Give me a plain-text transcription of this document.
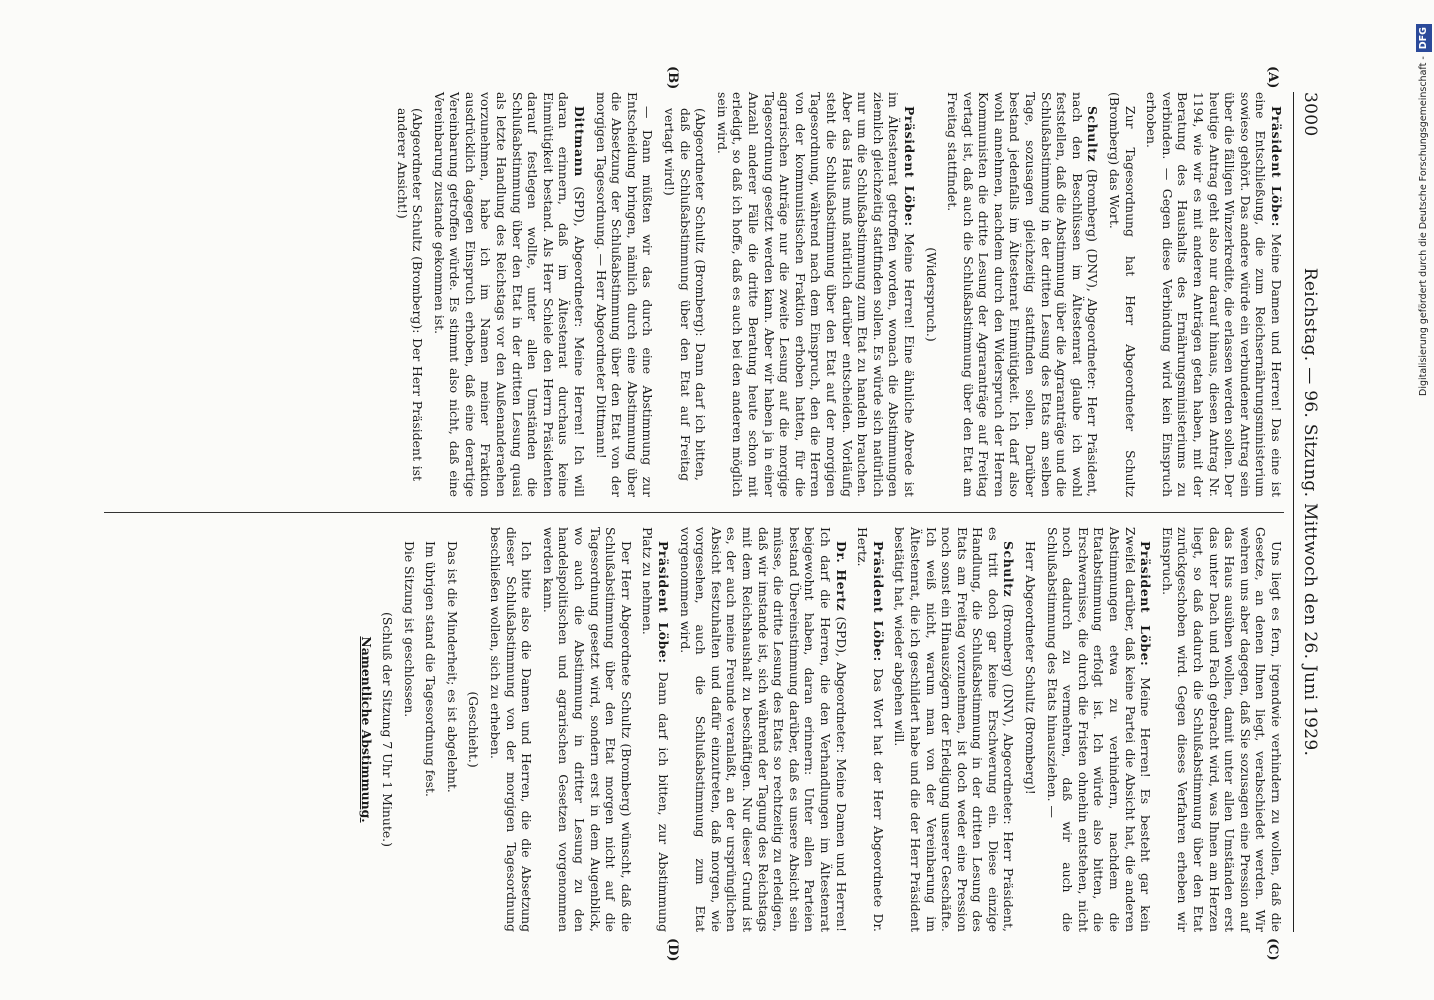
3000
Reichstag. — 96. Sitzung. Mittwoch den 26. Juni 1929.
(A)
(B)
(C)
(D)

Präsident Löbe: Meine Damen und Herren! Das eine ist eine Entschließung, die zum Reichsernährungsministerium sowieso gehört. Das andere würde ein verbundener Antrag sein über die fälligen Winzerkredite, die erlassen werden sollen. Der heutige Antrag geht also nur darauf hinaus, diesen Antrag Nr. 1194, wie wir es mit anderen Anträgen getan haben, mit der Beratung des Haushalts des Ernährungsministeriums zu verbinden. — Gegen diese Verbindung wird kein Einspruch erhoben.

Zur Tagesordnung hat Herr Abgeordneter Schultz (Bromberg) das Wort.

Schultz (Bromberg) (DNV), Abgeordneter: Herr Präsident, nach den Beschlüssen im Ältestenrat glaube ich wohl feststellen, daß die Abstimmung über die Agraranträge und die Schlußabstimmung in der dritten Lesung des Etats am selben Tage, sozusagen gleichzeitig stattfinden sollen. Darüber bestand jedenfalls im Ältestenrat Einmütigkeit. Ich darf also wohl annehmen, nachdem durch den Widerspruch der Herren Kommunisten die dritte Lesung der Agraranträge auf Freitag vertagt ist, daß auch die Schlußabstimmung über den Etat am Freitag stattfindet.

(Widerspruch.)

Präsident Löbe: Meine Herren! Eine ähnliche Abrede ist im Ältestenrat getroffen worden, wonach die Abstimmungen ziemlich gleichzeitig stattfinden sollen. Es würde sich natürlich nur um die Schlußabstimmung zum Etat zu handeln brauchen. Aber das Haus muß natürlich darüber entscheiden. Vorläufig steht die Schlußabstimmung über den Etat auf der morgigen Tagesordnung, während nach dem Einspruch, den die Herren von der kommunistischen Fraktion erhoben hatten, für die agrarischen Anträge nur die zweite Lesung auf die morgige Tagesordnung gesetzt werden kann. Aber wir haben ja in einer Anzahl anderer Fälle die dritte Beratung heute schon mit erledigt, so daß ich hoffe, daß es auch bei den anderen möglich sein wird.

(Abgeordneter Schultz (Bromberg): Dann darf ich bitten, daß die Schlußabstimmung über den Etat auf Freitag vertagt wird!)

— Dann müßten wir das durch eine Abstimmung zur Entscheidung bringen, nämlich durch eine Abstimmung über die Absetzung der Schlußabstimmung über den Etat von der morgigen Tagesordnung. — Herr Abgeordneter Dittmann!

Dittmann (SPD), Abgeordneter: Meine Herren! Ich will daran erinnern, daß im Ältestenrat durchaus keine Einmütigkeit bestand. Als Herr Schiele den Herrn Präsidenten darauf festlegen wollte, unter allen Umständen die Schlußabstimmung über den Etat in der dritten Lesung quasi als letzte Handlung des Reichstags vor den Außenanderaehen vorzunehmen, habe ich im Namen meiner Fraktion ausdrücklich dagegen Einspruch erhoben, daß eine derartige Vereinbarung getroffen würde. Es stimmt also nicht, daß eine Vereinbarung zustande gekommen ist.

(Abgeordneter Schultz (Bromberg): Der Herr Präsident ist anderer Ansicht!)

Uns liegt es fern, irgendwie verhindern zu wollen, daß die Gesetze, an denen Ihnen liegt, verabschiedet werden. Wir wehren uns aber dagegen, daß Sie sozusagen eine Pression auf das Haus ausüben wollen, damit unter allen Umständen erst das unter Dach und Fach gebracht wird, was Ihnen am Herzen liegt, so daß dadurch die Schlußabstimmung über den Etat zurückgeschoben wird. Gegen dieses Verfahren erheben wir Einspruch.

Präsident Löbe: Meine Herren! Es besteht gar kein Zweifel darüber, daß keine Partei die Absicht hat, die anderen Abstimmungen etwa zu verhindern, nachdem die Etatabstimmung erfolgt ist. Ich würde also bitten, die Erschwernisse, die durch die Fristen ohnehin entstehen, nicht noch dadurch zu vermehren, daß wir auch die Schlußabstimmung des Etats hinausziehen. —

Herr Abgeordneter Schultz (Bromberg)!

Schultz (Bromberg) (DNV), Abgeordneter: Herr Präsident, es tritt doch gar keine Erschwerung ein. Diese einzige Handlung, die Schlußabstimmung in der dritten Lesung des Etats am Freitag vorzunehmen, ist doch weder eine Pression noch sonst ein Hinauszögern der Erledigung unserer Geschäfte. Ich weiß nicht, warum man von der Vereinbarung im Ältestenrat, die ich geschildert habe und die der Herr Präsident bestätigt hat, wieder abgehen will.

Präsident Löbe: Das Wort hat der Herr Abgeordnete Dr. Hertz.

Dr. Hertz (SPD), Abgeordneter: Meine Damen und Herren! Ich darf die Herren, die den Verhandlungen im Ältestenrat beigewohnt haben, daran erinnern: Unter allen Parteien bestand Übereinstimmung darüber, daß es unsere Absicht sein müsse, die dritte Lesung des Etats so rechtzeitig zu erledigen, daß wir imstande ist, sich während der Tagung des Reichstags mit dem Reichshaushalt zu beschäftigen. Nur dieser Grund ist es, der auch meine Freunde veranlaßt, an der ursprünglichen Absicht festzuhalten und dafür einzutreten, daß morgen, wie vorgesehen, auch die Schlußabstimmung zum Etat vorgenommen wird.

Präsident Löbe: Dann darf ich bitten, zur Abstimmung Platz zu nehmen.

Der Herr Abgeordnete Schultz (Bromberg) wünscht, daß die Schlußabstimmung über den Etat morgen nicht auf die Tagesordnung gesetzt wird, sondern erst in dem Augenblick, wo auch die Abstimmung in dritter Lesung zu den handelspolitischen und agrarischen Gesetzen vorgenommen werden kann.

Ich bitte also die Damen und Herren, die die Absetzung dieser Schlußabstimmung von der morgigen Tagesordnung beschließen wollen, sich zu erheben.

(Geschieht.)

Das ist die Minderheit; es ist abgelehnt.

Im übrigen stand die Tagesordnung fest.

Die Sitzung ist geschlossen.

(Schluß der Sitzung 7 Uhr 1 Minute.)

Namentliche Abstimmung.

Digitalisierung gefördert durch die Deutsche Forschungsgemeinschaft -DFG
